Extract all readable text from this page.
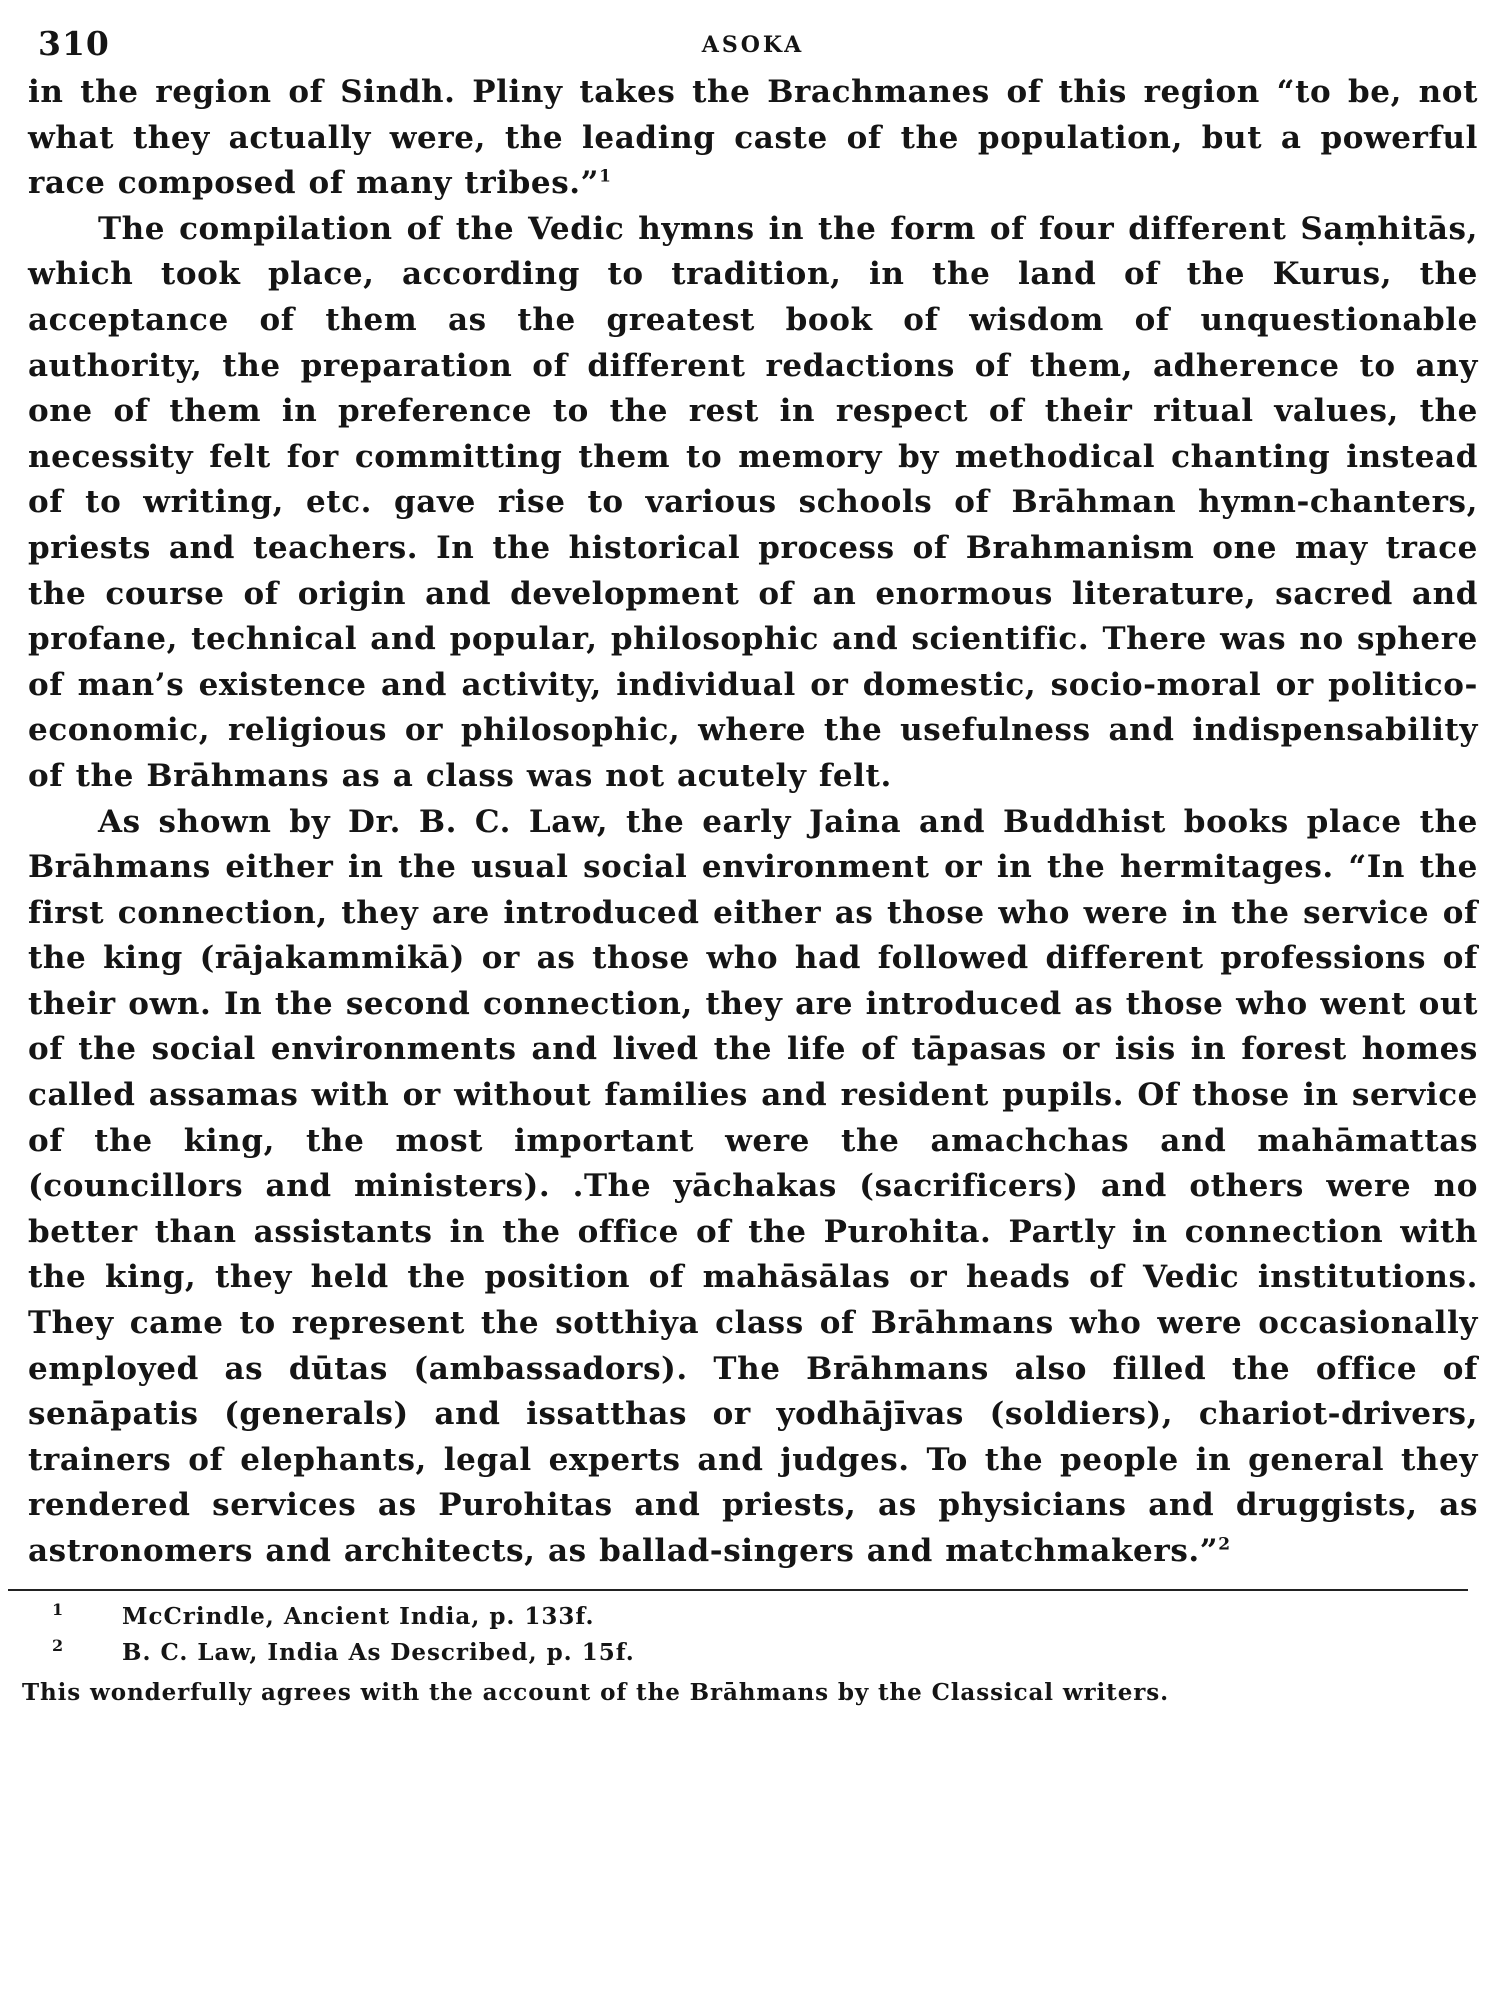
310	ASOKA

in the region of Sindh. Pliny takes the Brachmanes of this region “to be, not what they actually were, the leading caste of the population, but a powerful race composed of many tribes.”$^1$

The compilation of the Vedic hymns in the form of four different Saṃhitās, which took place, according to tradition, in the land of the Kurus, the acceptance of them as the greatest book of wisdom of unquestionable authority, the preparation of different redactions of them, adherence to any one of them in preference to the rest in respect of their ritual values, the necessity felt for committing them to memory by methodical chanting instead of to writing, etc. gave rise to various schools of Brāhman hymn-chanters, priests and teachers. In the historical process of Brahmanism one may trace the course of origin and development of an enormous literature, sacred and profane, technical and popular, philosophic and scientific. There was no sphere of man’s existence and activity, individual or domestic, socio-moral or politico-economic, religious or philosophic, where the usefulness and indispensability of the Brāhmans as a class was not acutely felt.

As shown by Dr. B. C. Law, the early Jaina and Buddhist books place the Brāhmans either in the usual social environment or in the hermitages. “In the first connection, they are introduced either as those who were in the service of the king (rājakammikā) or as those who had followed different professions of their own. In the second connection, they are introduced as those who went out of the social environments and lived the life of tāpasas or isis in forest homes called assamas with or without families and resident pupils. Of those in service of the king, the most important were the amachchas and mahāmattas (councillors and ministers). .The yāchakas (sacrificers) and others were no better than assistants in the office of the Purohita. Partly in connection with the king, they held the position of mahāsālas or heads of Vedic institutions. They came to represent the sotthiya class of Brāhmans who were occasionally employed as dūtas (ambassadors). The Brāhmans also filled the office of senāpatis (generals) and issatthas or yodhājīvas (soldiers), chariot-drivers, trainers of elephants, legal experts and judges. To the people in general they rendered services as Purohitas and priests, as physicians and druggists, as astronomers and architects, as ballad-singers and matchmakers.”$^2$

1	McCrindle, Ancient India, p. 133f.
2	B. C. Law, India As Described, p. 15f.
This wonderfully agrees with the account of the Brāhmans by the Classical writers.
